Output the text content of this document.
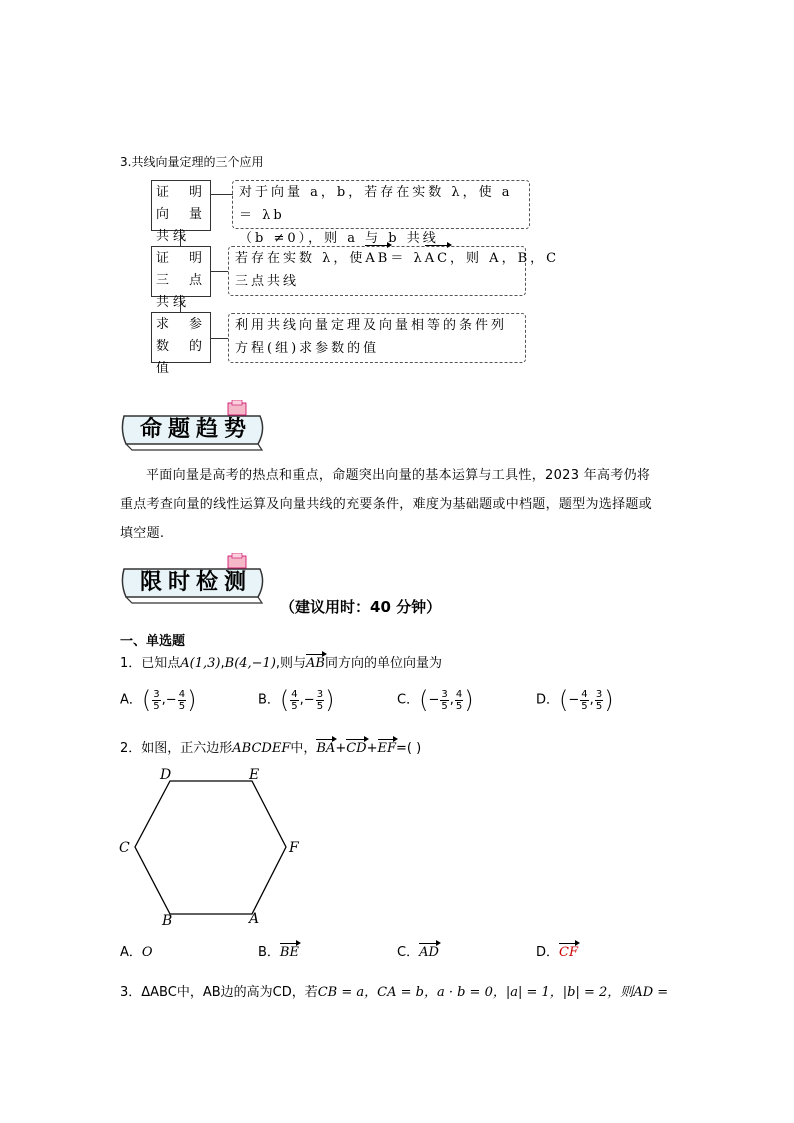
3.共线向量定理的三个应用
证明向量共线
对于向量 a，b，若存在实数 λ，使 a ＝ λb
（b ≠0），则 a 与 b 共线
证明三点共线
若存在实数 λ，使AB＝ λAC，则 A，B，C
三点共线
求参数的值
利用共线向量定理及向量相等的条件列
方程(组)求参数的值
命题趋势
平面向量是高考的热点和重点，命题突出向量的基本运算与工具性，2023 年高考仍将
重点考查向量的线性运算及向量共线的充要条件，难度为基础题或中档题，题型为选择题或
填空题.
限时检测
（建议用时：40 分钟）
一、单选题
1．已知点A(1,3),B(4,−1),则与AB同方向的单位向量为
A．( $\frac{3}{5}$ ,− $\frac{4}{5}$ )	B．( $\frac{4}{5}$ ,− $\frac{3}{5}$ )	C．(− $\frac{3}{5}$ , $\frac{4}{5}$ )	D．(− $\frac{4}{5}$ , $\frac{3}{5}$ )
2．如图，正六边形ABCDEF中，BA+CD+EF=( )
D	E
C	F
B	A
A．O	B．BE	C．AD	D．CF
3．ΔABC中，AB边的高为CD，若CB = a，CA = b，a · b = 0，|a| = 1，|b| = 2，则AD =
